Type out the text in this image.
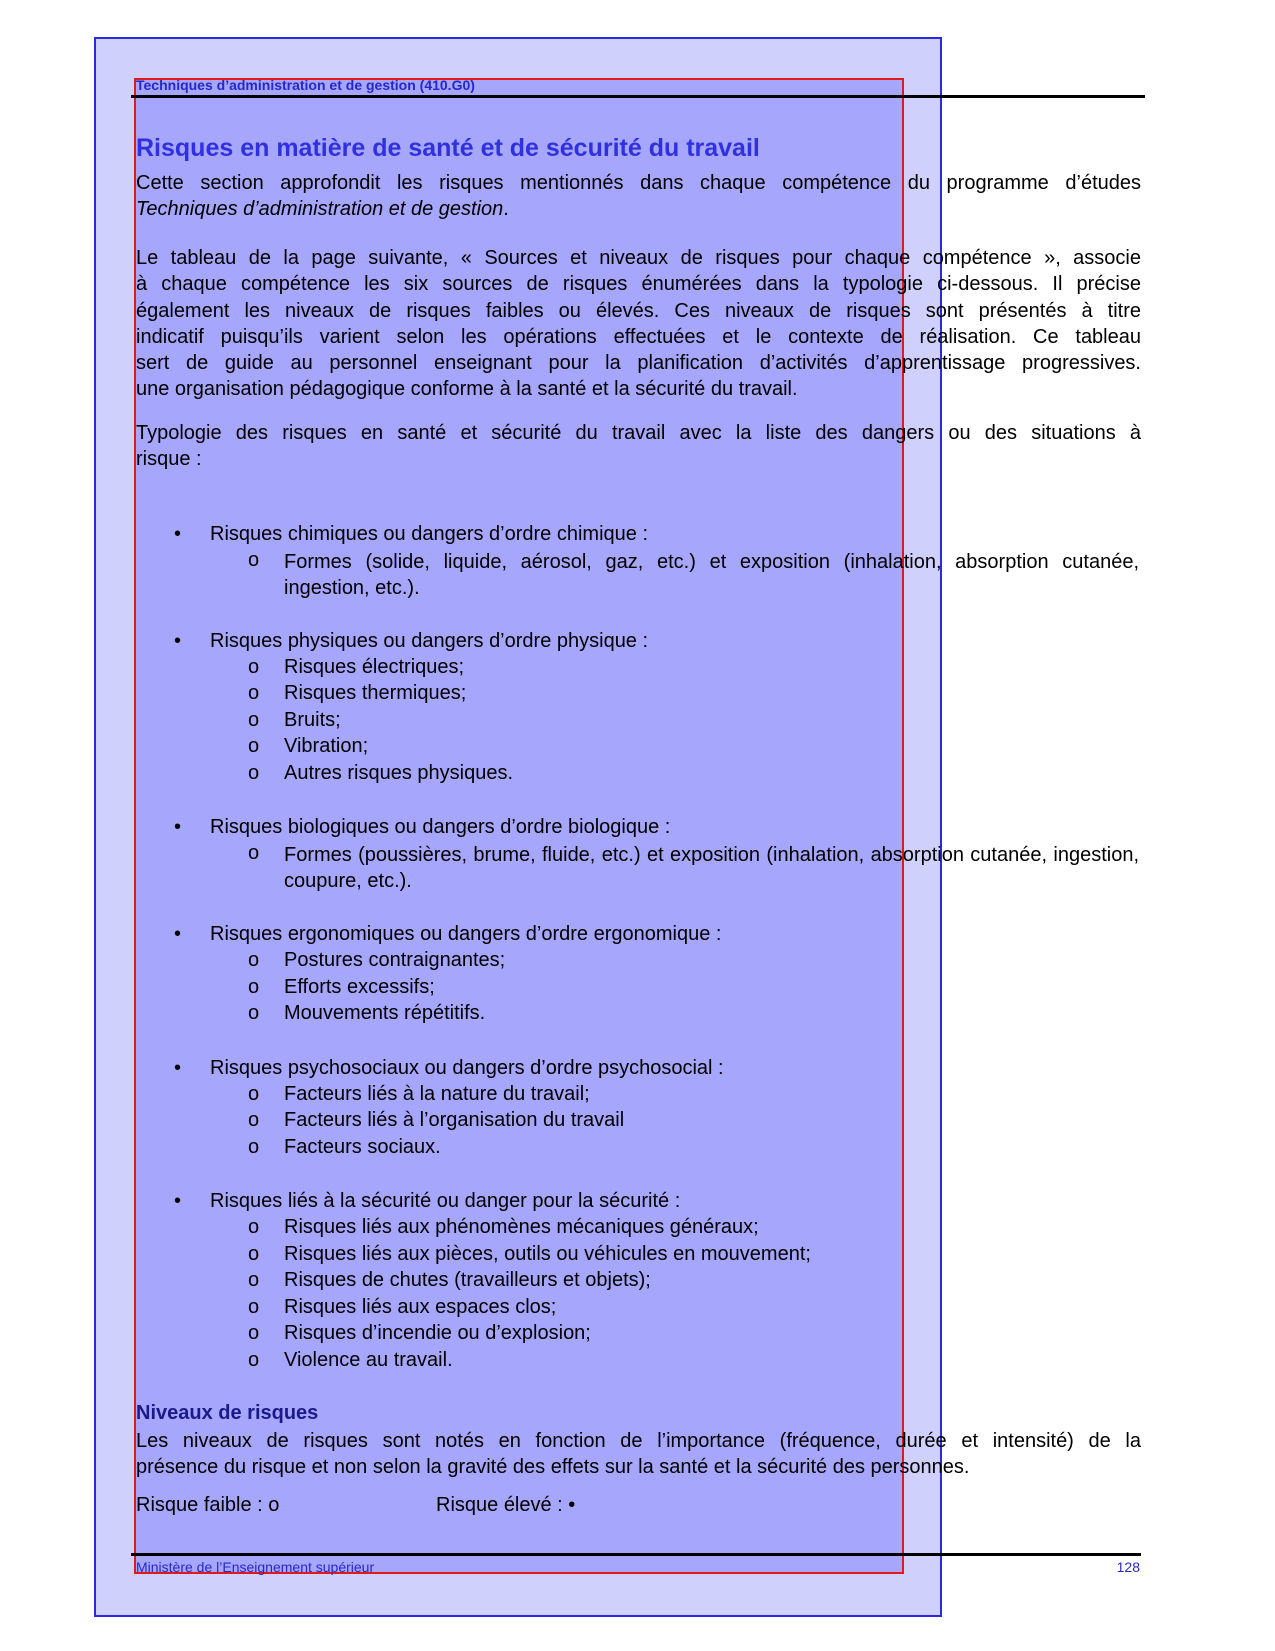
Techniques d’administration et de gestion (410.G0)
Risques en matière de santé et de sécurité du travail
Cette section approfondit les risques mentionnés dans chaque compétence du programme d’études
Techniques d’administration et de gestion.
Le tableau de la page suivante, « Sources et niveaux de risques pour chaque compétence », associe
à chaque compétence les six sources de risques énumérées dans la typologie ci-dessous. Il précise
également les niveaux de risques faibles ou élevés. Ces niveaux de risques sont présentés à titre
indicatif puisqu’ils varient selon les opérations effectuées et le contexte de réalisation. Ce tableau
sert de guide au personnel enseignant pour la planification d’activités d’apprentissage progressives.
une organisation pédagogique conforme à la santé et la sécurité du travail.
Typologie des risques en santé et sécurité du travail avec la liste des dangers ou des situations à
risque :
• Risques chimiques ou dangers d’ordre chimique :
o Formes (solide, liquide, aérosol, gaz, etc.) et exposition (inhalation, absorption cutanée, ingestion, etc.).
• Risques physiques ou dangers d’ordre physique :
o Risques électriques;
o Risques thermiques;
o Bruits;
o Vibration;
o Autres risques physiques.
• Risques biologiques ou dangers d’ordre biologique :
o Formes (poussières, brume, fluide, etc.) et exposition (inhalation, absorption cutanée, ingestion, coupure, etc.).
• Risques ergonomiques ou dangers d’ordre ergonomique :
o Postures contraignantes;
o Efforts excessifs;
o Mouvements répétitifs.
• Risques psychosociaux ou dangers d’ordre psychosocial :
o Facteurs liés à la nature du travail;
o Facteurs liés à l’organisation du travail
o Facteurs sociaux.
• Risques liés à la sécurité ou danger pour la sécurité :
o Risques liés aux phénomènes mécaniques généraux;
o Risques liés aux pièces, outils ou véhicules en mouvement;
o Risques de chutes (travailleurs et objets);
o Risques liés aux espaces clos;
o Risques d’incendie ou d’explosion;
o Violence au travail.
Niveaux de risques
Les niveaux de risques sont notés en fonction de l’importance (fréquence, durée et intensité) de la
présence du risque et non selon la gravité des effets sur la santé et la sécurité des personnes.
Risque faible : o	Risque élevé : •
Ministère de l’Enseignement supérieur	128
